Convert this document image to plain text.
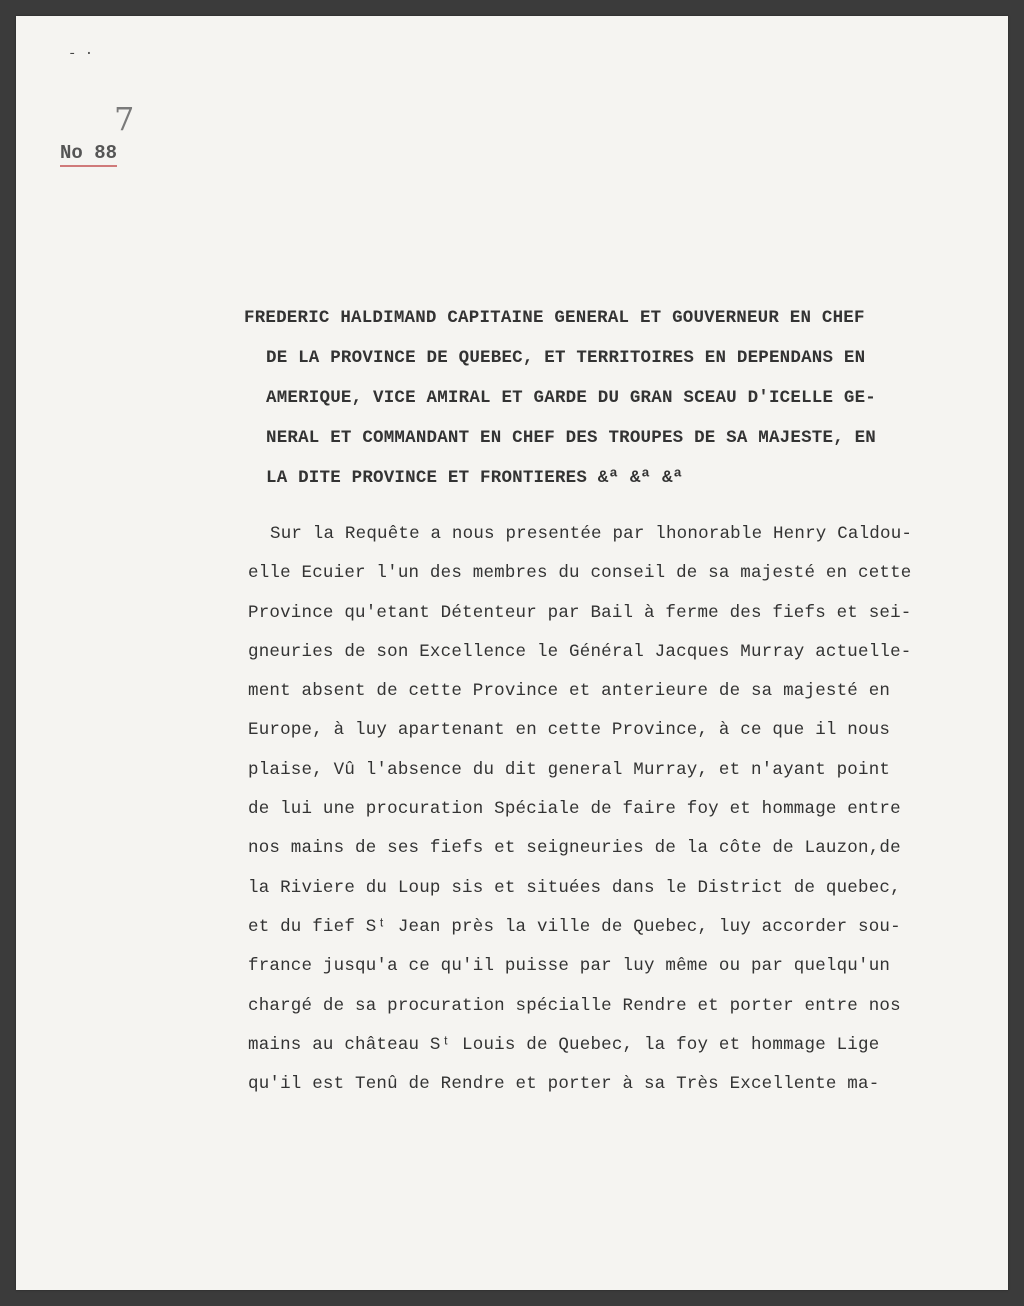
- ·
7
No 88
FREDERIC HALDIMAND CAPITAINE GENERAL ET GOUVERNEUR EN CHEF
DE LA PROVINCE DE QUEBEC, ET TERRITOIRES EN DEPENDANS EN
AMERIQUE, VICE AMIRAL ET GARDE DU GRAN SCEAU D'ICELLE GE-
NERAL ET COMMANDANT EN CHEF DES TROUPES DE SA MAJESTE, EN
LA DITE PROVINCE ET FRONTIERES &ª &ª &ª
Sur la Requête a nous presentée par lhonorable Henry Caldou-
elle Ecuier l'un des membres du conseil de sa majesté en cette
Province qu'etant Détenteur par Bail à ferme des fiefs et sei-
gneuries de son Excellence le Général Jacques Murray actuelle-
ment absent de cette Province et anterieure de sa majesté en
Europe, à luy apartenant en cette Province, à ce que il nous
plaise, Vû l'absence du dit general Murray, et n'ayant point
de lui une procuration Spéciale de faire foy et hommage entre
nos mains de ses fiefs et seigneuries de la côte de Lauzon,de
la Riviere du Loup sis et situées dans le District de quebec,
et du fief Sᵗ Jean près la ville de Quebec, luy accorder sou-
france jusqu'a ce qu'il puisse par luy même ou par quelqu'un
chargé de sa procuration spécialle Rendre et porter entre nos
mains au château Sᵗ Louis de Quebec, la foy et hommage Lige
qu'il est Tenû de Rendre et porter à sa Très Excellente ma-
